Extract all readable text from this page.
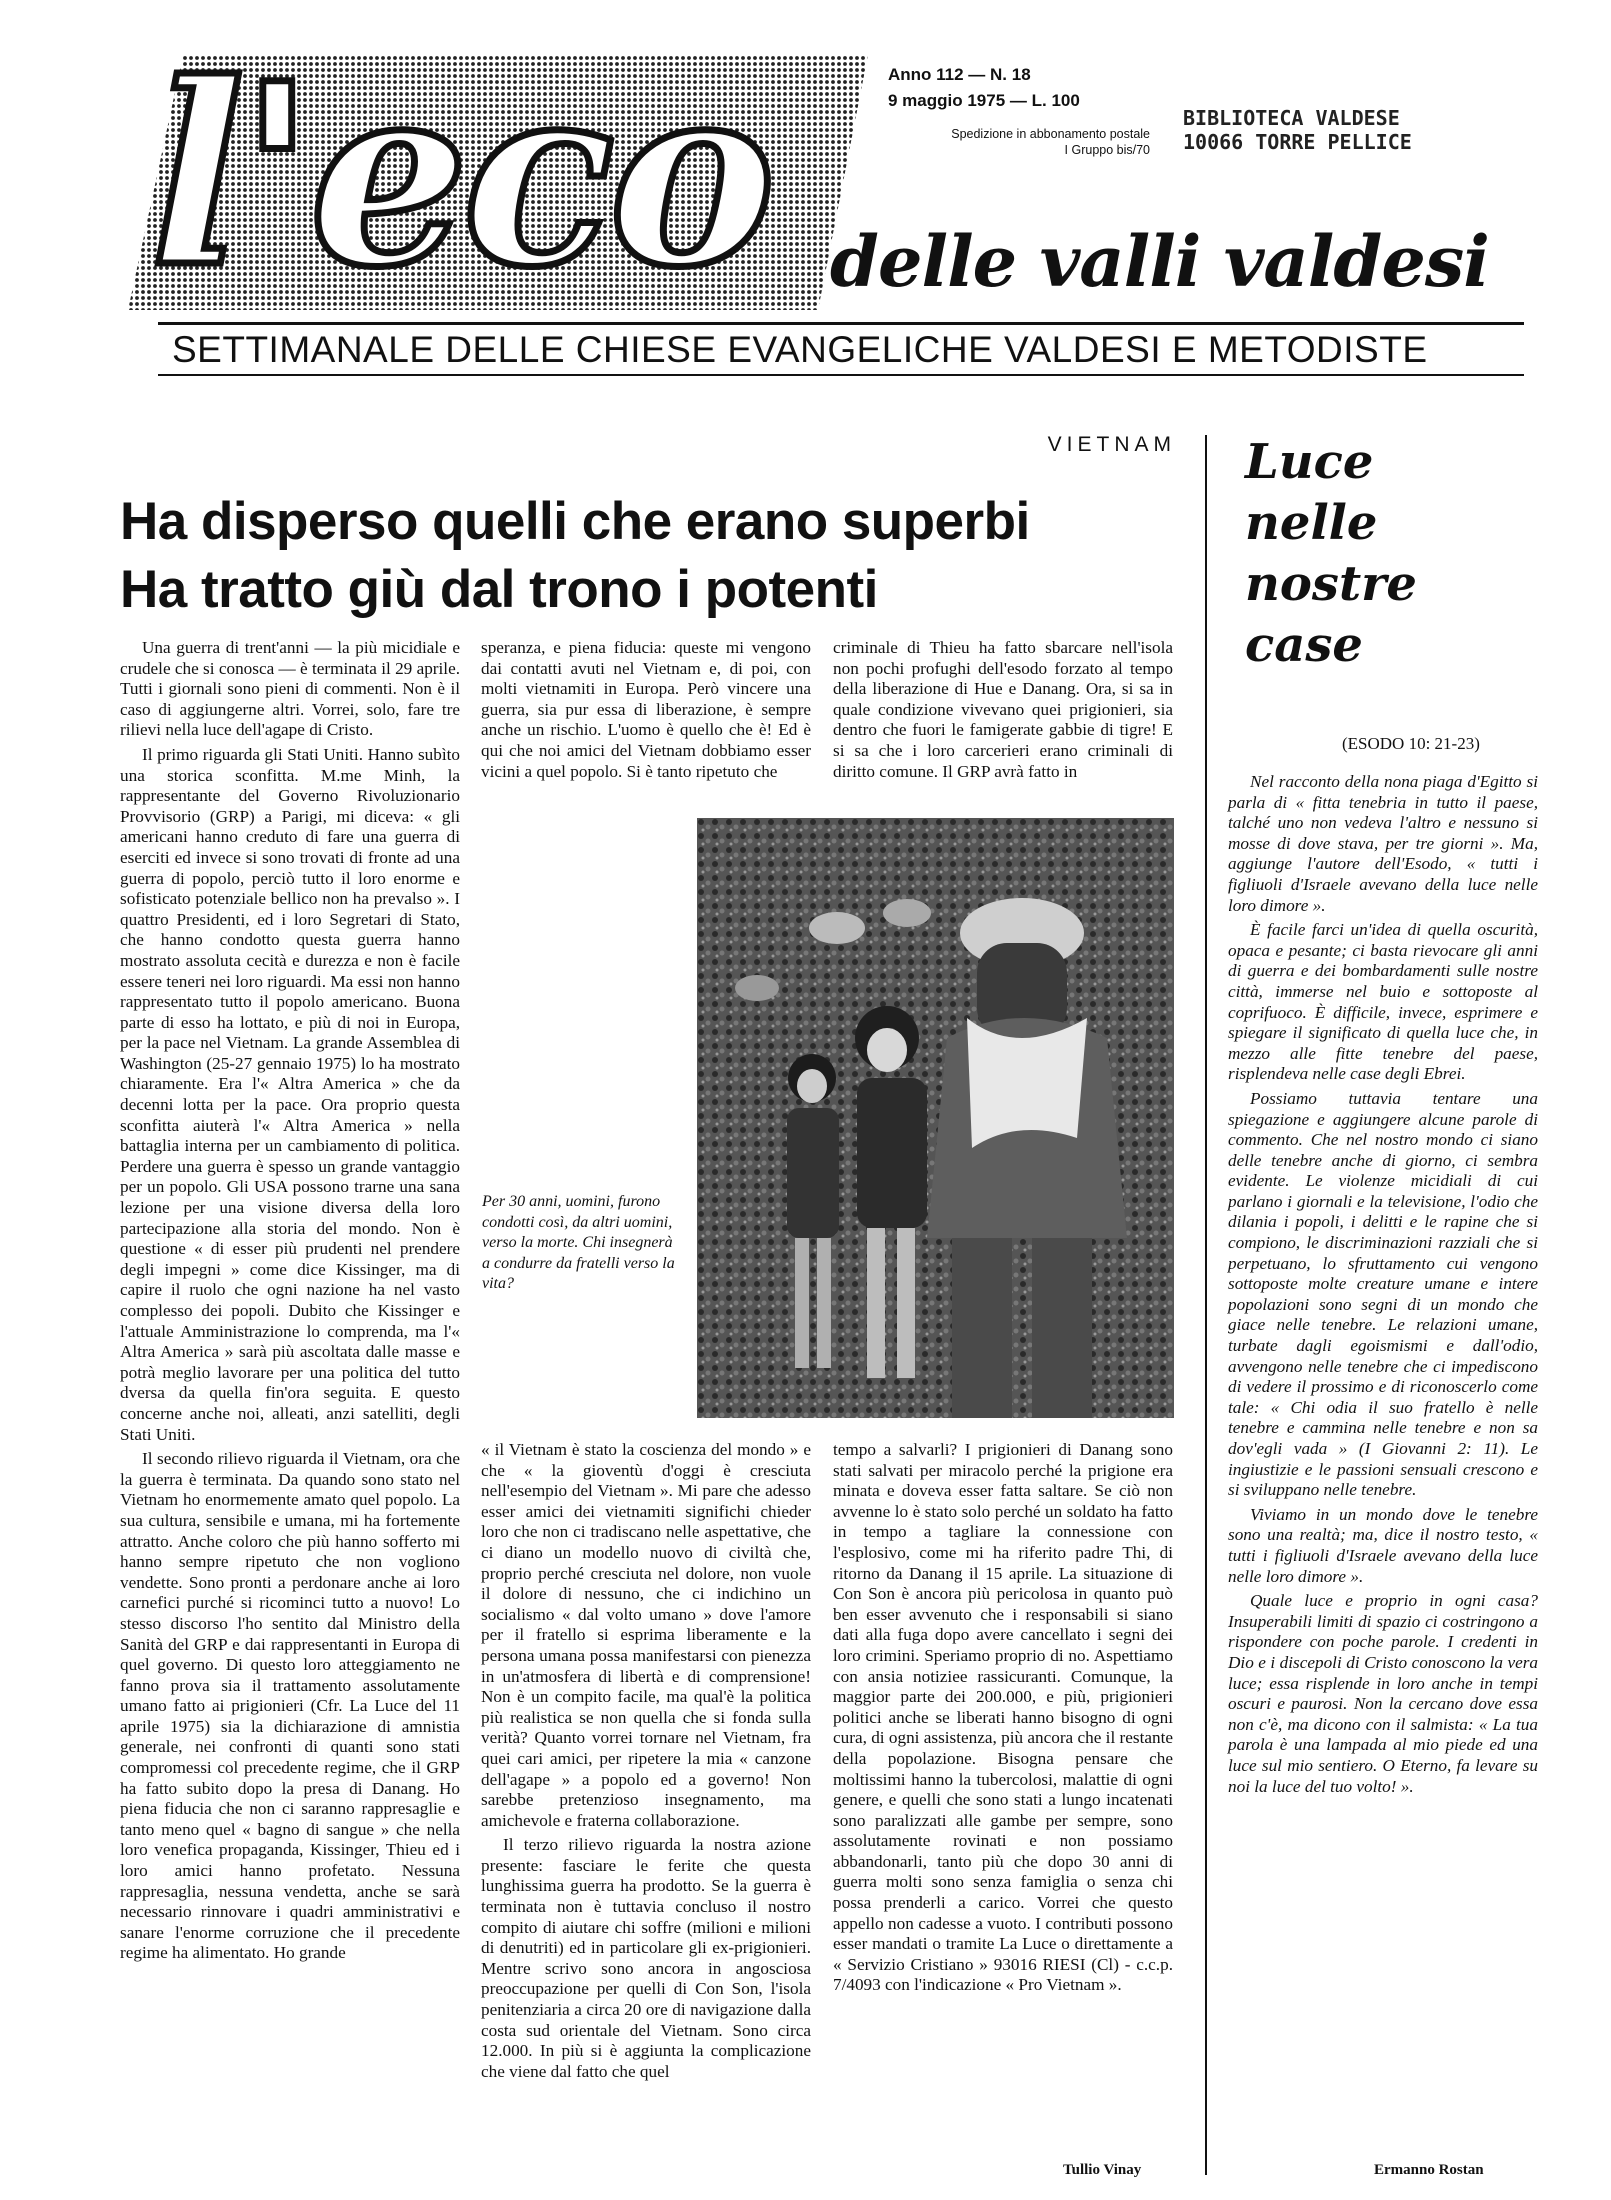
l'eco	Anno 112 — N. 18
9 maggio 1975 — L. 100
Spedizione in abbonamento postale
I Gruppo bis/70
BIBLIOTECA VALDESE
10066 TORRE PELLICE
delle valli valdesi
SETTIMANALE DELLE CHIESE EVANGELICHE VALDESI E METODISTE
VIETNAM
Ha disperso quelli che erano superbi
Ha tratto giù dal trono i potenti

Una guerra di trent'anni — la più micidiale e crudele che si conosca — è terminata il 29 aprile. Tutti i giornali sono pieni di commenti. Non è il caso di aggiungerne altri. Vorrei, solo, fare tre rilievi nella luce dell'agape di Cristo.

Il primo riguarda gli Stati Uniti. Hanno subìto una storica sconfitta. M.me Minh, la rappresentante del Governo Rivoluzionario Provvisorio (GRP) a Parigi, mi diceva: « gli americani hanno creduto di fare una guerra di eserciti ed invece si sono trovati di fronte ad una guerra di popolo, perciò tutto il loro enorme e sofisticato potenziale bellico non ha prevalso ». I quattro Presidenti, ed i loro Segretari di Stato, che hanno condotto questa guerra hanno mostrato assoluta cecità e durezza e non è facile essere teneri nei loro riguardi. Ma essi non hanno rappresentato tutto il popolo americano. Buona parte di esso ha lottato, e più di noi in Europa, per la pace nel Vietnam. La grande Assemblea di Washington (25-27 gennaio 1975) lo ha mostrato chiaramente. Era l'« Altra America » che da decenni lotta per la pace. Ora proprio questa sconfitta aiuterà l'« Altra America » nella battaglia interna per un cambiamento di politica. Perdere una guerra è spesso un grande vantaggio per un popolo. Gli USA possono trarne una sana lezione per una visione diversa della loro partecipazione alla storia del mondo. Non è questione « di esser più prudenti nel prendere degli impegni » come dice Kissinger, ma di capire il ruolo che ogni nazione ha nel vasto complesso dei popoli. Dubito che Kissinger e l'attuale Amministrazione lo comprenda, ma l'« Altra America » sarà più ascoltata dalle masse e potrà meglio lavorare per una politica del tutto dversa da quella fin'ora seguita. E questo concerne anche noi, alleati, anzi satelliti, degli Stati Uniti.

Il secondo rilievo riguarda il Vietnam, ora che la guerra è terminata. Da quando sono stato nel Vietnam ho enormemente amato quel popolo. La sua cultura, sensibile e umana, mi ha fortemente attratto. Anche coloro che più hanno sofferto mi hanno sempre ripetuto che non vogliono vendette. Sono pronti a perdonare anche ai loro carnefici purché si ricominci tutto a nuovo! Lo stesso discorso l'ho sentito dal Ministro della Sanità del GRP e dai rappresentanti in Europa di quel governo. Di questo loro atteggiamento ne fanno prova sia il trattamento assolutamente umano fatto ai prigionieri (Cfr. La Luce del 11 aprile 1975) sia la dichiarazione di amnistia generale, nei confronti di quanti sono stati compromessi col precedente regime, che il GRP ha fatto subito dopo la presa di Danang. Ho piena fiducia che non ci saranno rappresaglie e tanto meno quel « bagno di sangue » che nella loro venefica propaganda, Kissinger, Thieu ed i loro amici hanno profetato. Nessuna rappresaglia, nessuna vendetta, anche se sarà necessario rinnovare i quadri amministrativi e sanare l'enorme corruzione che il precedente regime ha alimentato. Ho grande

speranza, e piena fiducia: queste mi vengono dai contatti avuti nel Vietnam e, di poi, con molti vietnamiti in Europa. Però vincere una guerra, sia pur essa di liberazione, è sempre anche un rischio. L'uomo è quello che è! Ed è qui che noi amici del Vietnam dobbiamo esser vicini a quel popolo. Si è tanto ripetuto che

criminale di Thieu ha fatto sbarcare nell'isola non pochi profughi dell'esodo forzato al tempo della liberazione di Hue e Danang. Ora, si sa in quale condizione vivevano quei prigionieri, sia dentro che fuori le famigerate gabbie di tigre! E si sa che i loro carcerieri erano criminali di diritto comune. Il GRP avrà fatto in

Per 30 anni, uomini, furono condotti così, da altri uomini, verso la morte. Chi insegnerà a condurre da fratelli verso la vita?

« il Vietnam è stato la coscienza del mondo » e che « la gioventù d'oggi è cresciuta nell'esempio del Vietnam ». Mi pare che adesso esser amici dei vietnamiti significhi chieder loro che non ci tradiscano nelle aspettative, che ci diano un modello nuovo di civiltà che, proprio perché cresciuta nel dolore, non vuole il dolore di nessuno, che ci indichino un socialismo « dal volto umano » dove l'amore per il fratello si esprima liberamente e la persona umana possa manifestarsi con pienezza in un'atmosfera di libertà e di comprensione! Non è un compito facile, ma qual'è la politica più realistica se non quella che si fonda sulla verità? Quanto vorrei tornare nel Vietnam, fra quei cari amici, per ripetere la mia « canzone dell'agape » a popolo ed a governo! Non sarebbe pretenzioso insegnamento, ma amichevole e fraterna collaborazione.

Il terzo rilievo riguarda la nostra azione presente: fasciare le ferite che questa lunghissima guerra ha prodotto. Se la guerra è terminata non è tuttavia concluso il nostro compito di aiutare chi soffre (milioni e milioni di denutriti) ed in particolare gli ex-prigionieri. Mentre scrivo sono ancora in angosciosa preoccupazione per quelli di Con Son, l'isola penitenziaria a circa 20 ore di navigazione dalla costa sud orientale del Vietnam. Sono circa 12.000. In più si è aggiunta la complicazione che viene dal fatto che quel

tempo a salvarli? I prigionieri di Danang sono stati salvati per miracolo perché la prigione era minata e doveva esser fatta saltare. Se ciò non avvenne lo è stato solo perché un soldato ha fatto in tempo a tagliare la connessione con l'esplosivo, come mi ha riferito padre Thi, di ritorno da Danang il 15 aprile. La situazione di Con Son è ancora più pericolosa in quanto può ben esser avvenuto che i responsabili si siano dati alla fuga dopo avere cancellato i segni dei loro crimini. Speriamo proprio di no. Aspettiamo con ansia notiziee rassicuranti. Comunque, la maggior parte dei 200.000, e più, prigionieri politici anche se liberati hanno bisogno di ogni cura, di ogni assistenza, più ancora che il restante della popolazione. Bisogna pensare che moltissimi hanno la tubercolosi, malattie di ogni genere, e quelli che sono stati a lungo incatenati sono paralizzati alle gambe per sempre, sono assolutamente rovinati e non possiamo abbandonarli, tanto più che dopo 30 anni di guerra molti sono senza famiglia o senza chi possa prenderli a carico. Vorrei che questo appello non cadesse a vuoto. I contributi possono esser mandati o tramite La Luce o direttamente a « Servizio Cristiano » 93016 RIESI (Cl) - c.c.p. 7/4093 con l'indicazione « Pro Vietnam ».

Tullio Vinay
Luce
nelle
nostre case
(ESODO 10: 21-23)

Nel racconto della nona piaga d'Egitto si parla di « fitta tenebria in tutto il paese, talché uno non vedeva l'altro e nessuno si mosse di dove stava, per tre giorni ». Ma, aggiunge l'autore dell'Esodo, « tutti i figliuoli d'Israele avevano della luce nelle loro dimore ».

È facile farci un'idea di quella oscurità, opaca e pesante; ci basta rievocare gli anni di guerra e dei bombardamenti sulle nostre città, immerse nel buio e sottoposte al coprifuoco. È difficile, invece, esprimere e spiegare il significato di quella luce che, in mezzo alle fitte tenebre del paese, risplendeva nelle case degli Ebrei.

Possiamo tuttavia tentare una spiegazione e aggiungere alcune parole di commento. Che nel nostro mondo ci siano delle tenebre anche di giorno, ci sembra evidente. Le violenze micidiali di cui parlano i giornali e la televisione, l'odio che dilania i popoli, i delitti e le rapine che si compiono, le discriminazioni razziali che si perpetuano, lo sfruttamento cui vengono sottoposte molte creature umane e intere popolazioni sono segni di un mondo che giace nelle tenebre. Le relazioni umane, turbate dagli egoismismi e dall'odio, avvengono nelle tenebre che ci impediscono di vedere il prossimo e di riconoscerlo come tale: « Chi odia il suo fratello è nelle tenebre e cammina nelle tenebre e non sa dov'egli vada » (I Giovanni 2: 11). Le ingiustizie e le passioni sensuali crescono e si sviluppano nelle tenebre.

Viviamo in un mondo dove le tenebre sono una realtà; ma, dice il nostro testo, « tutti i figliuoli d'Israele avevano della luce nelle loro dimore ».

Quale luce e proprio in ogni casa? Insuperabili limiti di spazio ci costringono a rispondere con poche parole. I credenti in Dio e i discepoli di Cristo conoscono la vera luce; essa risplende in loro anche in tempi oscuri e paurosi. Non la cercano dove essa non c'è, ma dicono con il salmista: « La tua parola è una lampada al mio piede ed una luce sul mio sentiero. O Eterno, fa levare su noi la luce del tuo volto! ».

Ermanno Rostan
